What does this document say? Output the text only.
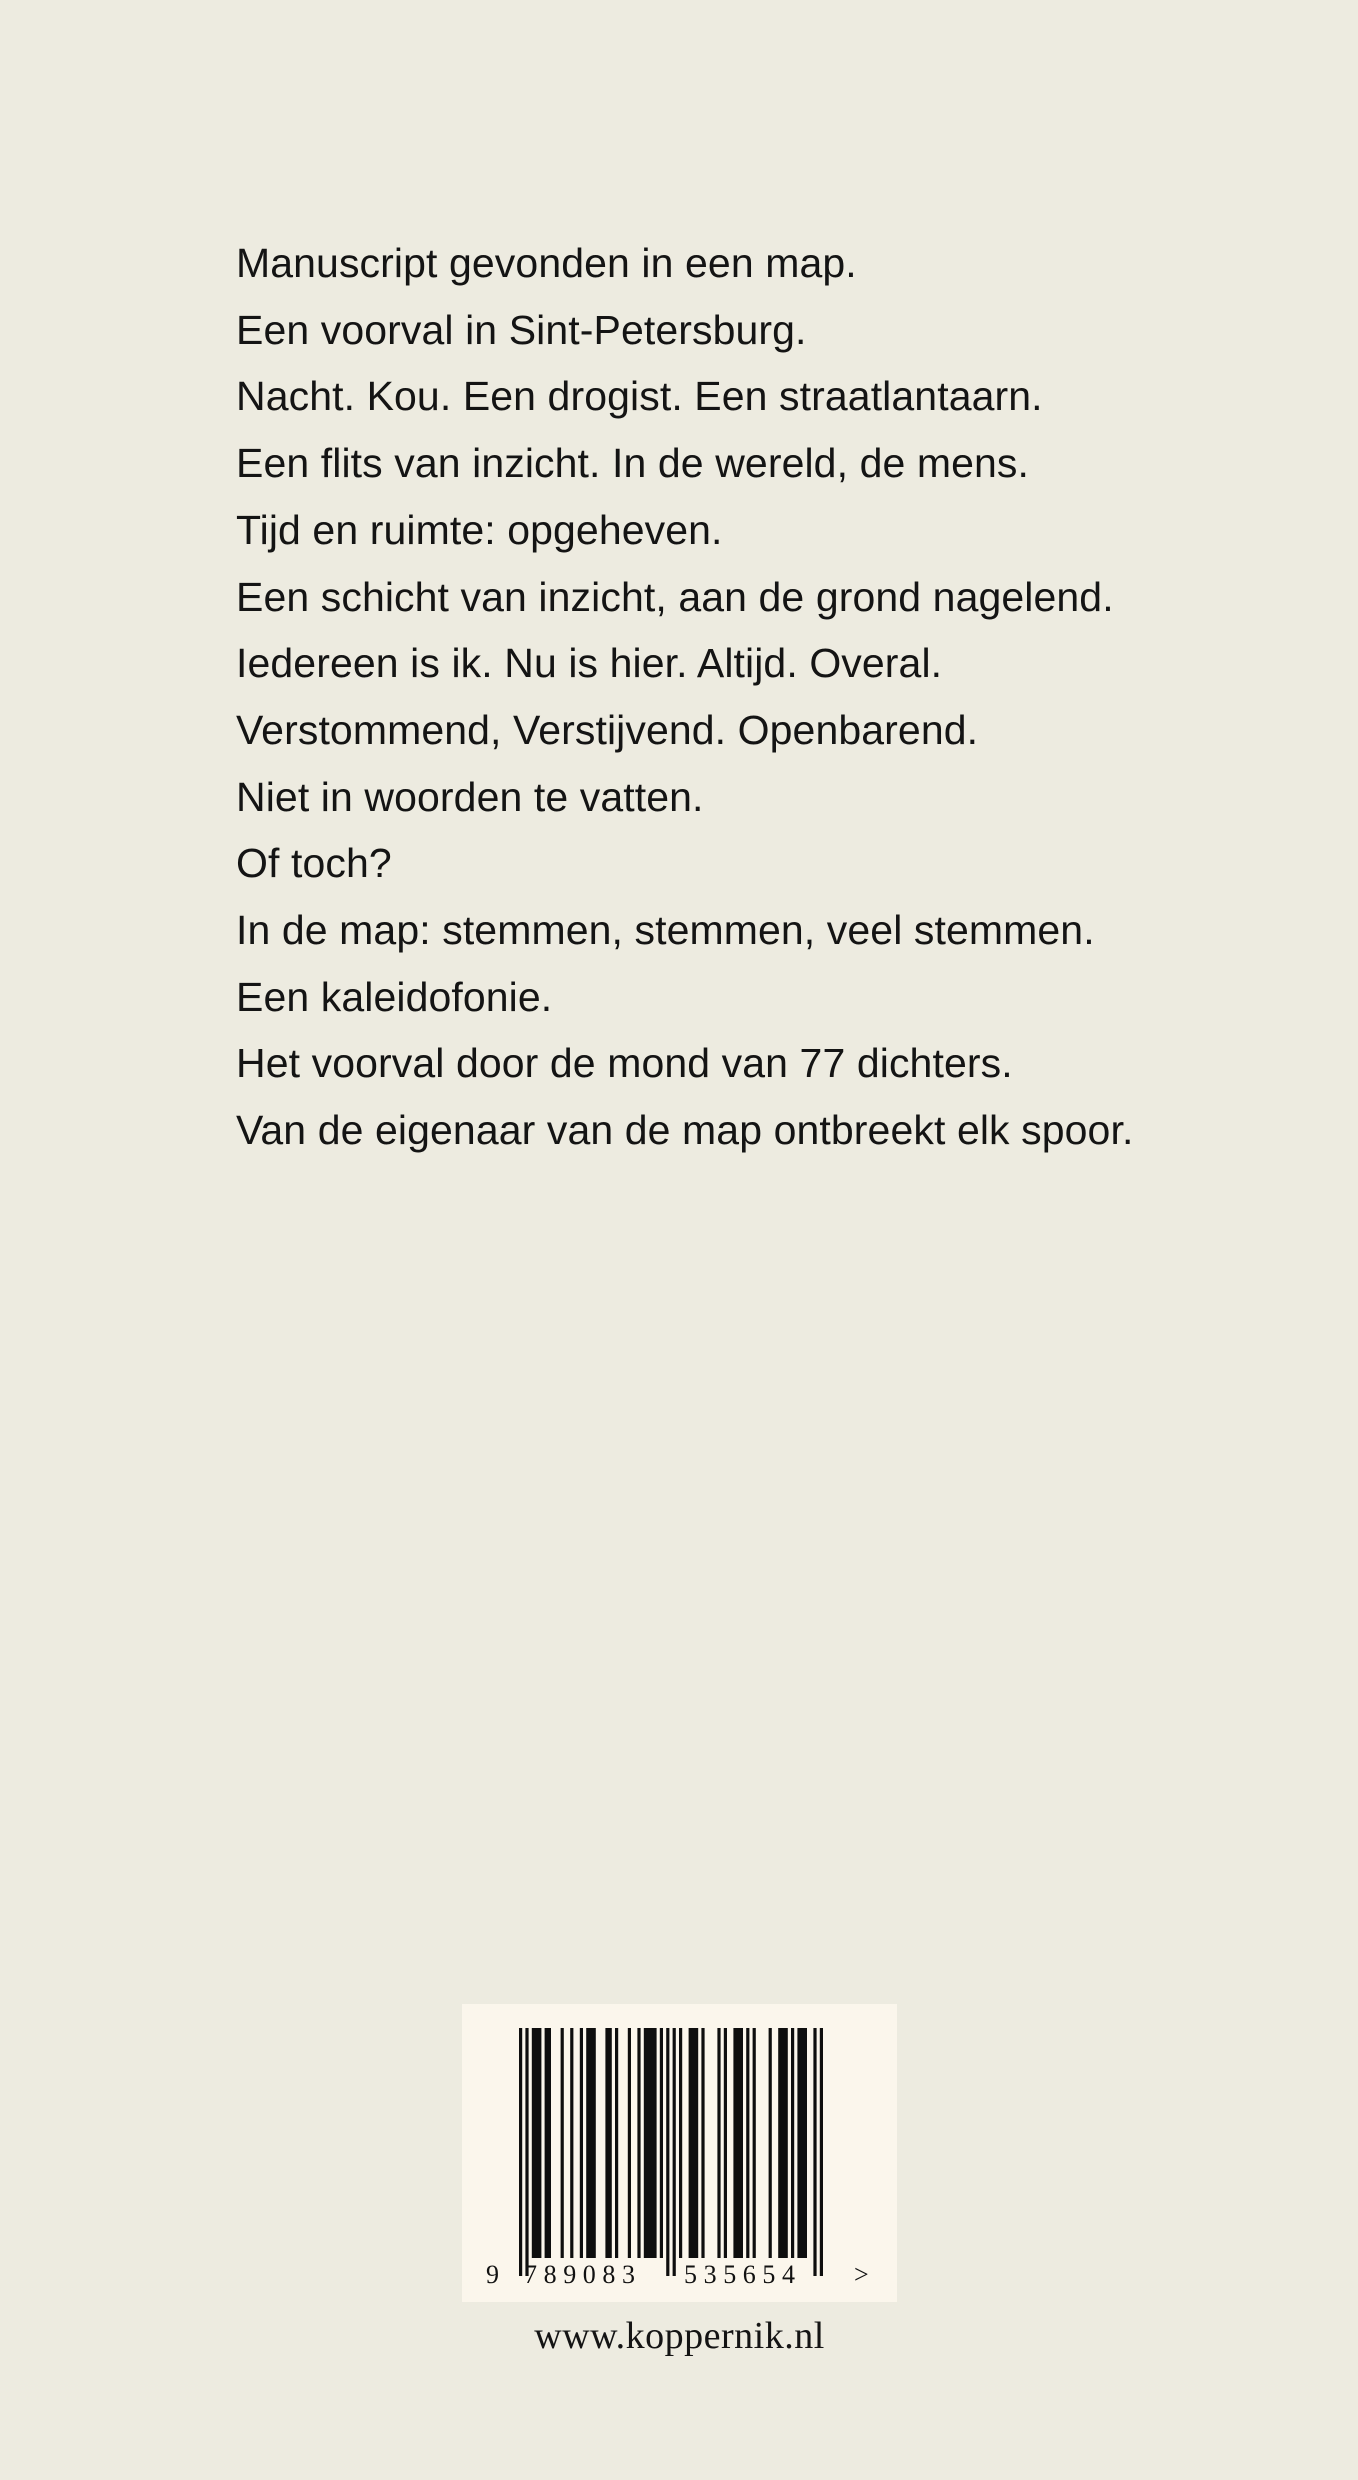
Manuscript gevonden in een map.
Een voorval in Sint-Petersburg.
Nacht. Kou. Een drogist. Een straatlantaarn.
Een flits van inzicht. In de wereld, de mens.
Tijd en ruimte: opgeheven.
Een schicht van inzicht, aan de grond nagelend.
Iedereen is ik. Nu is hier. Altijd. Overal.
Verstommend, Verstijvend. Openbarend.
Niet in woorden te vatten.
Of toch?
In de map: stemmen, stemmen, veel stemmen.
Een kaleidofonie.
Het voorval door de mond van 77 dichters.
Van de eigenaar van de map ontbreekt elk spoor.
9 789083 535654 >
www.koppernik.nl
